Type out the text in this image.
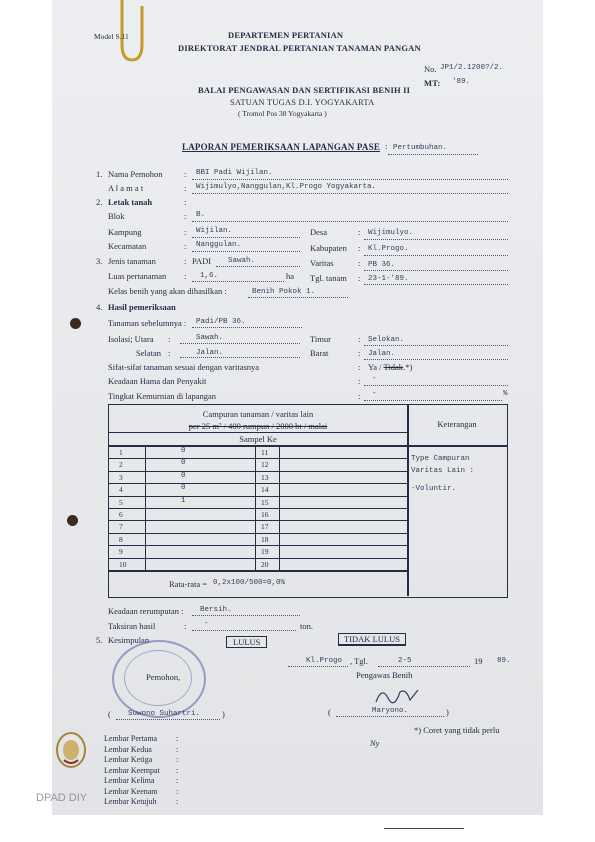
Model S.11	DEPARTEMEN PERTANIAN
DIREKTORAT JENDRAL PERTANIAN TANAMAN PANGAN
No. JP1/2.1200?/2.
MT: '89.
BALAI PENGAWASAN DAN SERTIFIKASI BENIH II
SATUAN TUGAS D.I. YOGYAKARTA
( Tromol Pos 38 Yogyakarta )
LAPORAN PEMERIKSAAN LAPANGAN PASE : Pertumbuhan.
1. Nama Pemohon	: BBI Padi Wijilan.
A l a m a t	: Wijimulyo,Nanggulan,Kl.Progo Yogyakarta.
2. Letak tanah	:
Blok	: B.
Kampung	: Wijilan.	Desa	: Wijimulyo.
Kecamatan	: Nanggulan.	Kabupaten : Kl.Progo.
3. Jenis tanaman	: PADI Sawah.	Varitas	: PB 36.
Luas pertanaman : 1,6.	ha Tgl. tanam : 23-1-'89.
Kelas benih yang akan dihasilkan :	Benih Pokok 1.
4. Hasil pemeriksaan
Tanaman sebelumnya : Padi/PB 36.
Isolasi; Utara :	Sawah.	Timur	: Selokan.
Selatan :	Jalan.	Barat	: Jalan.
Sifat-sifat tanaman sesuai dengan varitasnya	: Ya / Tidak.*)
Keadaan Hama dan Penyakit	: -
Tingkat Kemurnian di lapangan	: -	%
Campuran tanaman / varitas lain
per 25 m² / 400 rumpun / 2000 bt / malai
Sampel Ke
Keterangan
Type Campuran
Varitas Lain :
-Voluntir.
1	0	11
2	0	12
3	0	13
4	0	14
5	1	15
6	16
7	17
8	18
9	19
10	20
Rata-rata = 0,2x100/500=0,0%
Keadaan rerumputan : Bersih.
Taksiran hasil	: -	ton.
5. Kesimpulan	LULUS	TIDAK LULUS
Kl.Progo , Tgl.	2-5	19 89.
Pengawas Benih
Pemohon,
( Suwono Suhartri.	)	(	Maryono.	)
*) Coret yang tidak perlu
Ny
Lembar Pertama :
Lembar Kedua	:
Lembar Ketiga	:
Lembar Keempat :
Lembar Kelima	:
Lembar Keenam :
Lembar Ketujuh :
DPAD DIY
